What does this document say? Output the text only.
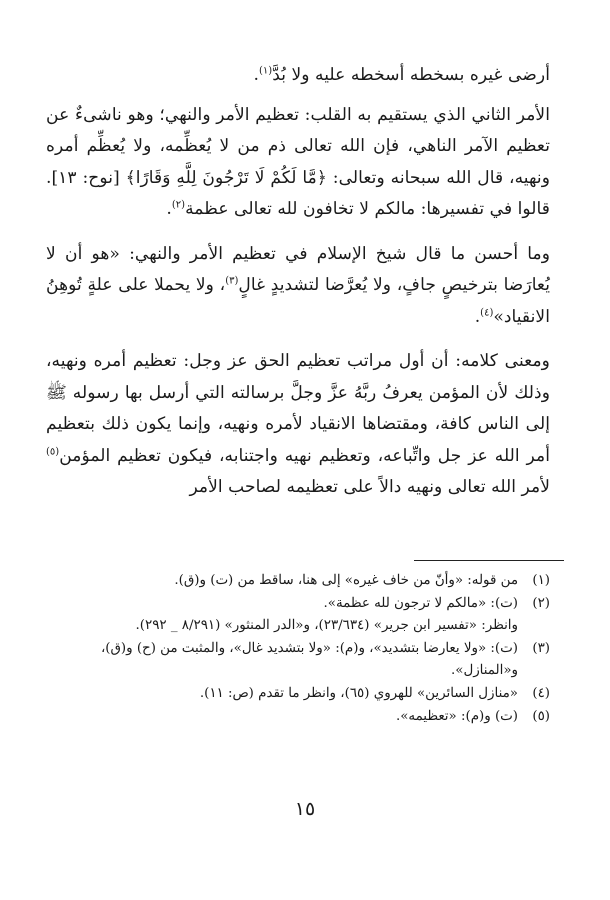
أرضى غيره بسخطه أسخطه عليه ولا بُدَّ$^{(١)}$.

الأمر الثاني الذي يستقيم به القلب: تعظيم الأمر والنهي؛ وهو ناشىءٌ عن تعظيم الآمر الناهي، فإن الله تعالى ذم من لا يُعظِّمه، ولا يُعظِّم أمره ونهيه، قال الله سبحانه وتعالى: ﴿مَّا لَكُمْ لَا تَرْجُونَ لِلَّهِ وَقَارًا﴾ [نوح: ١٣]. قالوا في تفسيرها: مالكم لا تخافون لله تعالى عظمة$^{(٢)}$.

وما أحسن ما قال شيخ الإسلام في تعظيم الأمر والنهي: «هو أن لا يُعارَضا بترخيصٍ جافٍ، ولا يُعرَّضا لتشديدٍ غالٍ$^{(٣)}$، ولا يحملا على علةٍ تُوهِنُ الانقياد»$^{(٤)}$.

ومعنى كلامه: أن أول مراتب تعظيم الحق عز وجل: تعظيم أمره ونهيه، وذلك لأن المؤمن يعرفُ ربَّهُ عزَّ وجلَّ برسالته التي أرسل بها رسوله ﷺ إلى الناس كافة، ومقتضاها الانقياد لأمره ونهيه، وإنما يكون ذلك بتعظيم أمر الله عز جل واتِّباعه، وتعظيم نهيه واجتنابه، فيكون تعظيم المؤمن$^{(٥)}$ لأمر الله تعالى ونهيه دالاً على تعظيمه لصاحب الأمر

(١)
من قوله: «وأنّ من خاف غيره» إلى هنا، ساقط من (ت) و(ق).
(٢)
(ت): «مالكم لا ترجون لله عظمة».
وانظر: «تفسير ابن جرير» (٢٣/٦٣٤)، و«الدر المنثور» (٨/٢٩١ _ ٢٩٢).
(٣)
(ت): «ولا يعارضا بتشديد»، و(م): «ولا بتشديد غال»، والمثبت من (ح) و(ق)، و«المنازل».
(٤)
«منازل السائرين» للهروي (٦٥)، وانظر ما تقدم (ص: ١١).
(٥)
(ت) و(م): «تعظيمه».
١٥
